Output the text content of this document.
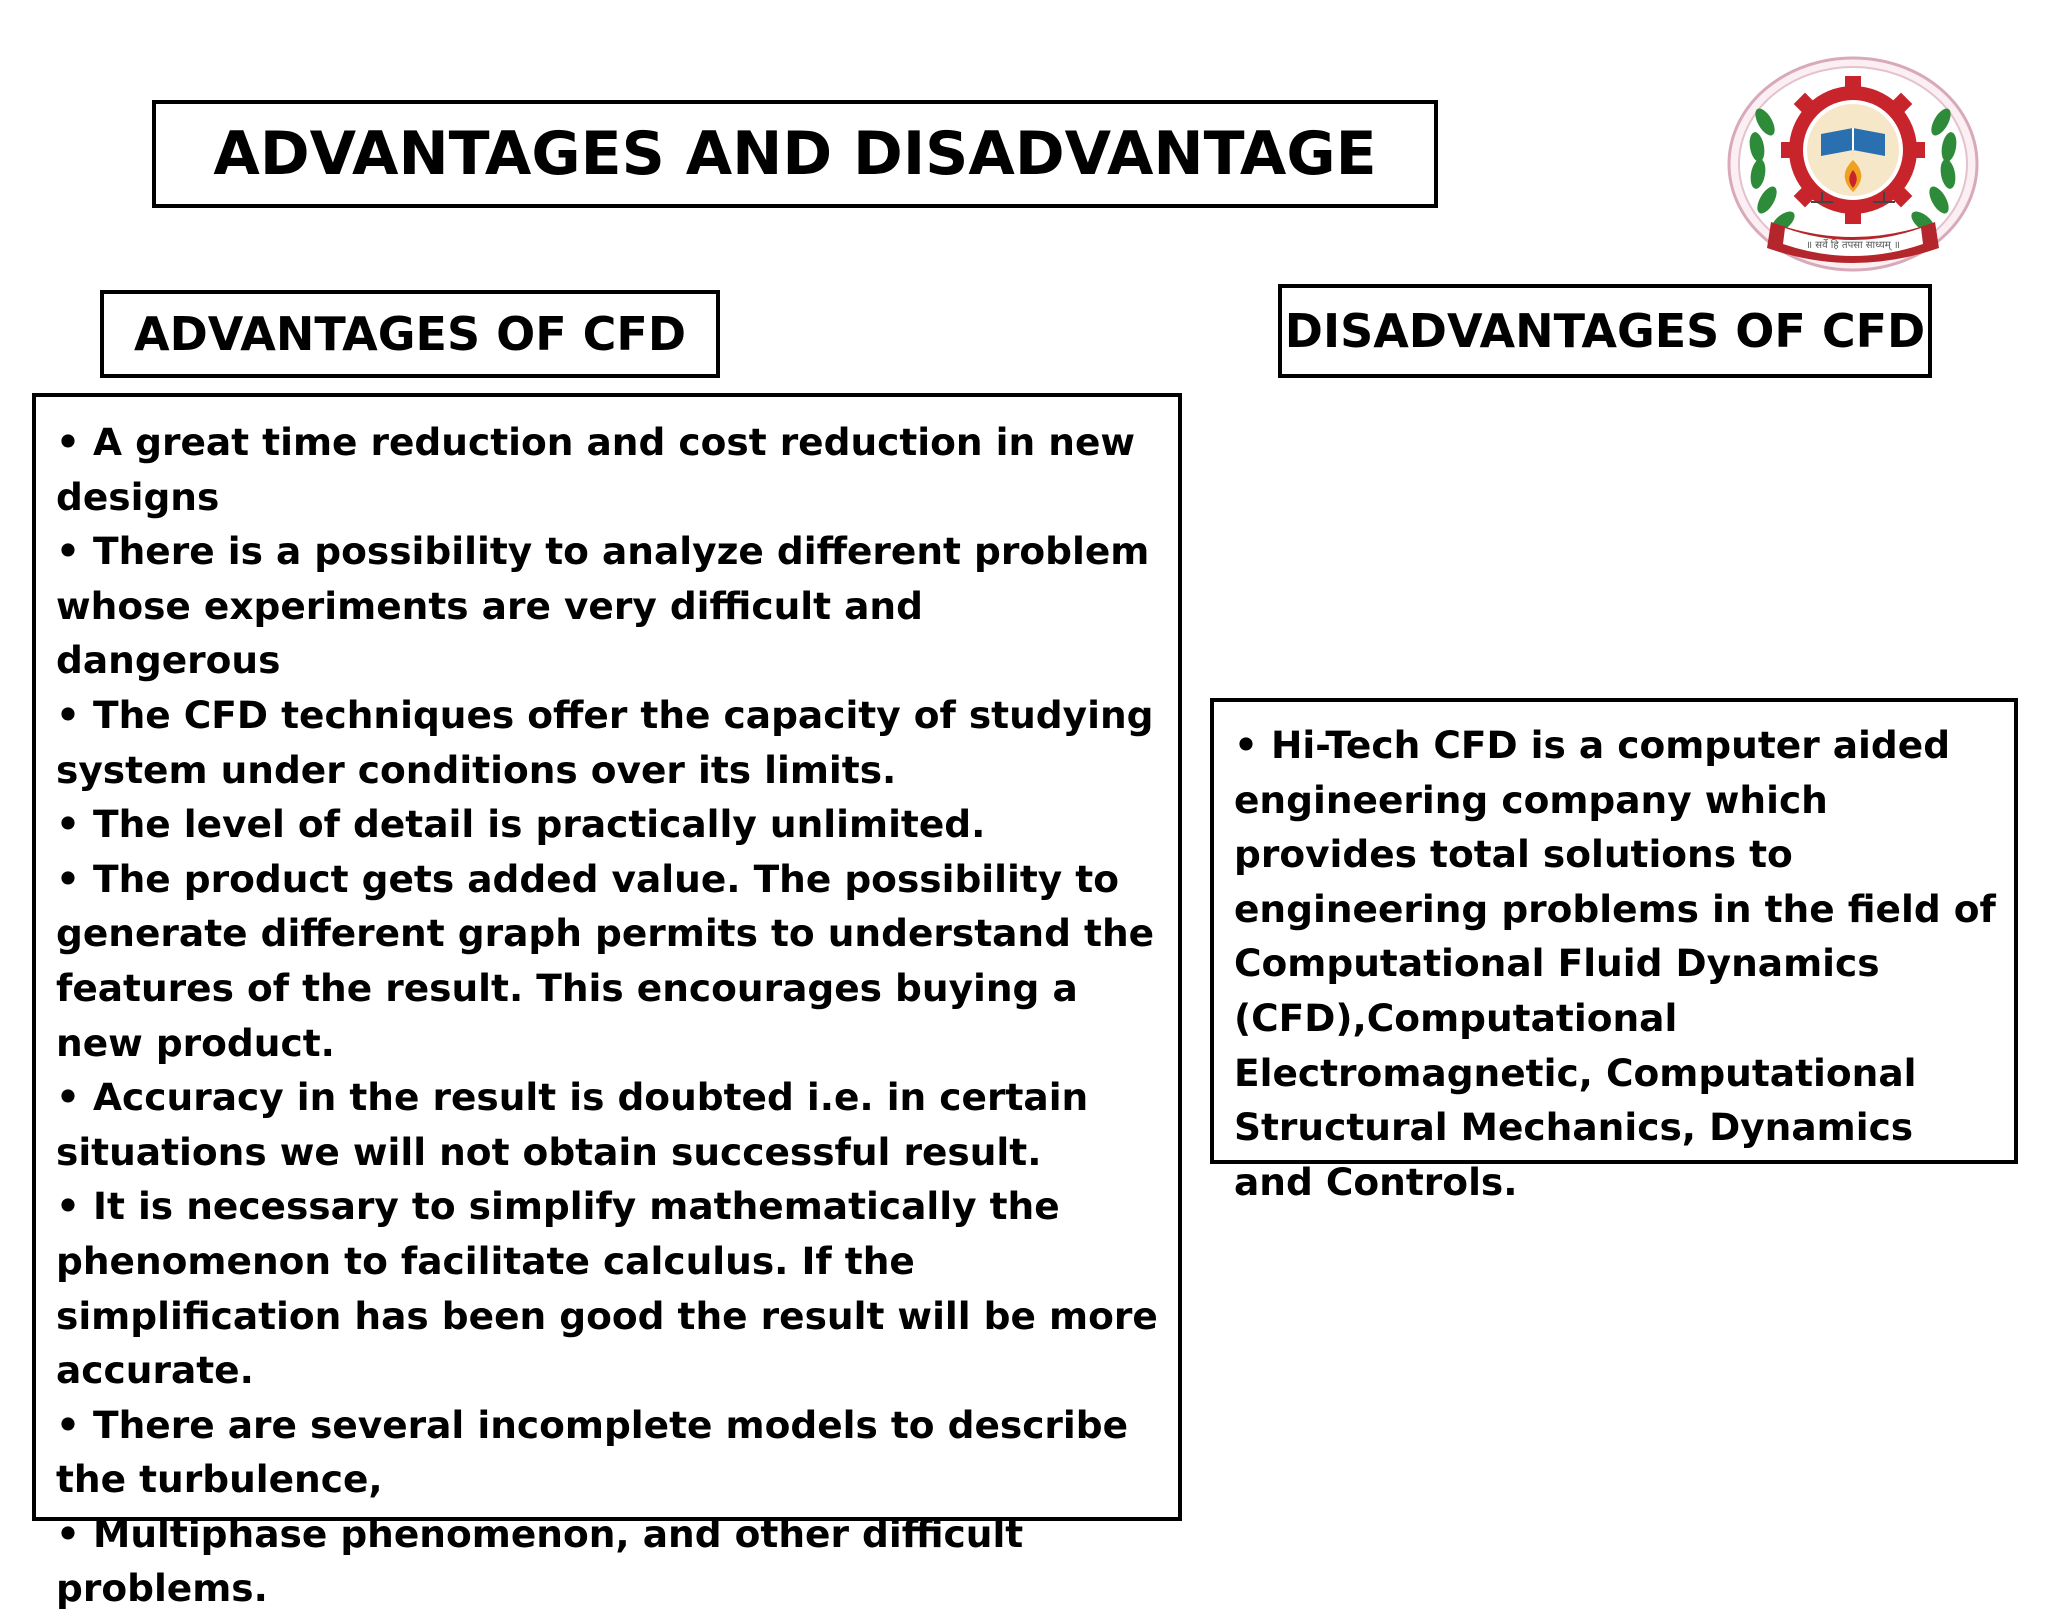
ADVANTAGES AND DISADVANTAGE
॥ सर्वे हि तपसा साध्यम् ॥
ADVANTAGES OF CFD	DISADVANTAGES OF CFD

• A great time reduction and cost reduction in new designs
• There is a possibility to analyze different problem whose experiments are very difficult and dangerous
• The CFD techniques offer the capacity of studying system under conditions over its limits.
• The level of detail is practically unlimited.
• The product gets added value. The possibility to generate different graph permits to understand the features of the result. This encourages buying a new product.
• Accuracy in the result is doubted i.e. in certain situations we will not obtain successful result.
• It is necessary to simplify mathematically the phenomenon to facilitate calculus. If the simplification has been good the result will be more accurate.
• There are several incomplete models to describe the turbulence,
• Multiphase phenomenon, and other difficult problems.

• Hi-Tech CFD is a computer aided engineering company which provides total solutions to engineering problems in the field of Computational Fluid Dynamics (CFD),Computational Electromagnetic, Computational Structural Mechanics, Dynamics and Controls.
